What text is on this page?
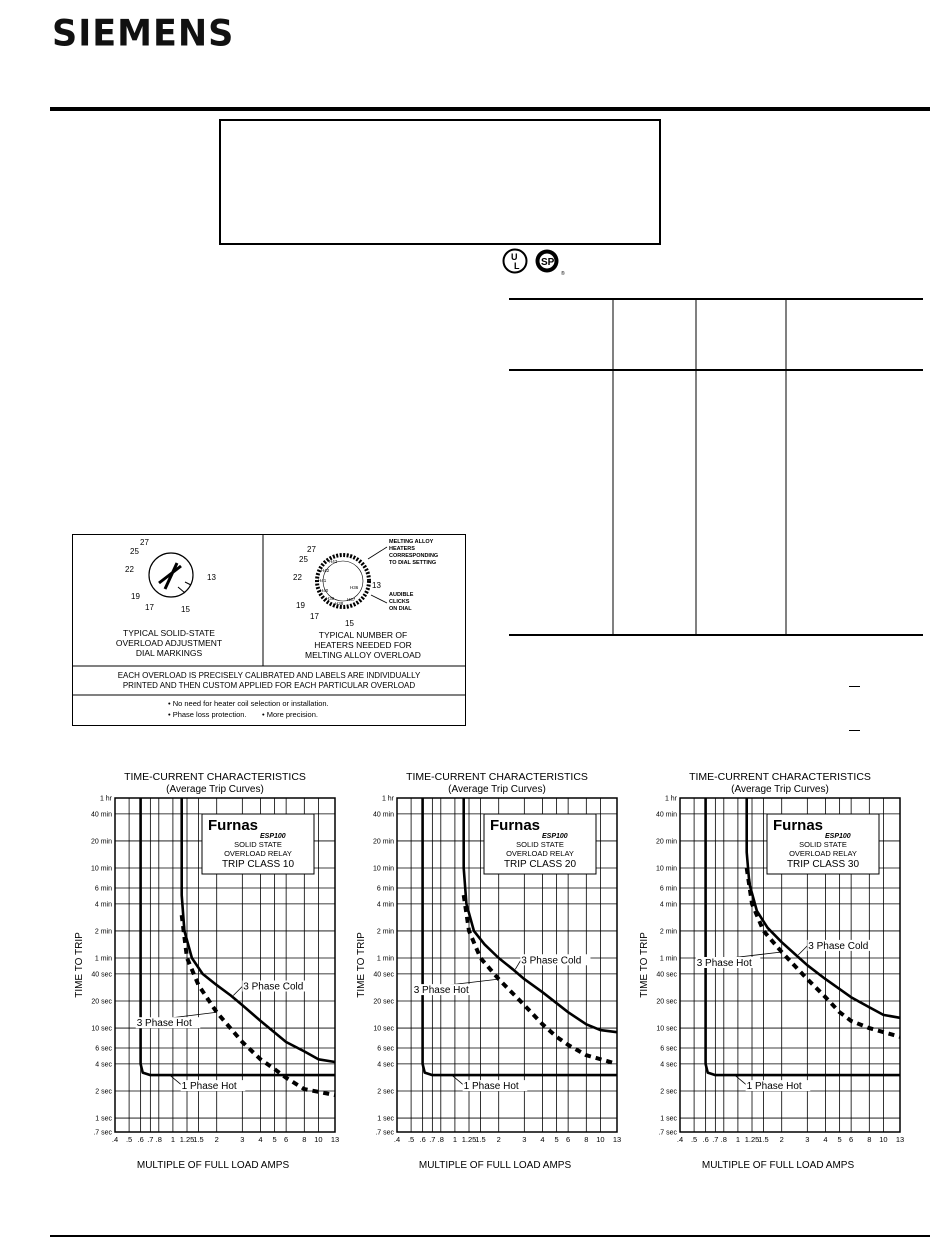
SIEMENS
U
L SP
®
27
25
22
19
17	15
13
27
25
22
19
17
15
13
H43
H42
H41
H40
H39
H38
H37
H36
MELTING ALLOY
HEATERS
CORRESPONDING
TO DIAL SETTING
AUDIBLE
CLICKS
ON DIAL
TYPICAL SOLID-STATE
OVERLOAD ADJUSTMENT
DIAL MARKINGS
TYPICAL NUMBER OF
HEATERS NEEDED FOR
MELTING ALLOY OVERLOAD
EACH OVERLOAD IS PRECISELY CALIBRATED AND LABELS ARE INDIVIDUALLY
PRINTED AND THEN CUSTOM APPLIED FOR EACH PARTICULAR OVERLOAD
• No need for heater coil selection or installation.
• Phase loss protection. • More precision.
TIME-CURRENT CHARACTERISTICS
(Average Trip Curves)
.4 .5 .6 .7 .8 1 1.25
1.5 2	3 4 5 6 8 10 13
1 hr
40 min
20 min
10 min
6 min
4 min
2 min
1 min
40 sec
20 sec
10 sec
6 sec
4 sec
2 sec
1 sec
.7 sec
TIME TO TRIP
MULTIPLE OF FULL LOAD AMPS
3 Phase Cold
3 Phase Hot
1 Phase Hot
Furnas
ESP100
SOLID STATE
OVERLOAD RELAY
TRIP CLASS 10
TIME-CURRENT CHARACTERISTICS
(Average Trip Curves)
.4 .5 .6 .7 .8 1 1.25
1.5 2	3 4 5 6 8 10 13
1 hr
40 min
20 min
10 min
6 min
4 min
2 min
1 min
40 sec
20 sec
10 sec
6 sec
4 sec
2 sec
1 sec
.7 sec
TIME TO TRIP
MULTIPLE OF FULL LOAD AMPS
3 Phase Cold
3 Phase Hot
1 Phase Hot
Furnas
ESP100
SOLID STATE
OVERLOAD RELAY
TRIP CLASS 20
TIME-CURRENT CHARACTERISTICS
(Average Trip Curves)
.4 .5 .6 .7 .8 1 1.25
1.5 2	3 4 5 6 8 10 13
1 hr
40 min
20 min
10 min
6 min
4 min
2 min
1 min
40 sec
20 sec
10 sec
6 sec
4 sec
2 sec
1 sec
.7 sec
TIME TO TRIP
MULTIPLE OF FULL LOAD AMPS
3 Phase Cold
3 Phase Hot
1 Phase Hot
Furnas
ESP100
SOLID STATE
OVERLOAD RELAY
TRIP CLASS 30
